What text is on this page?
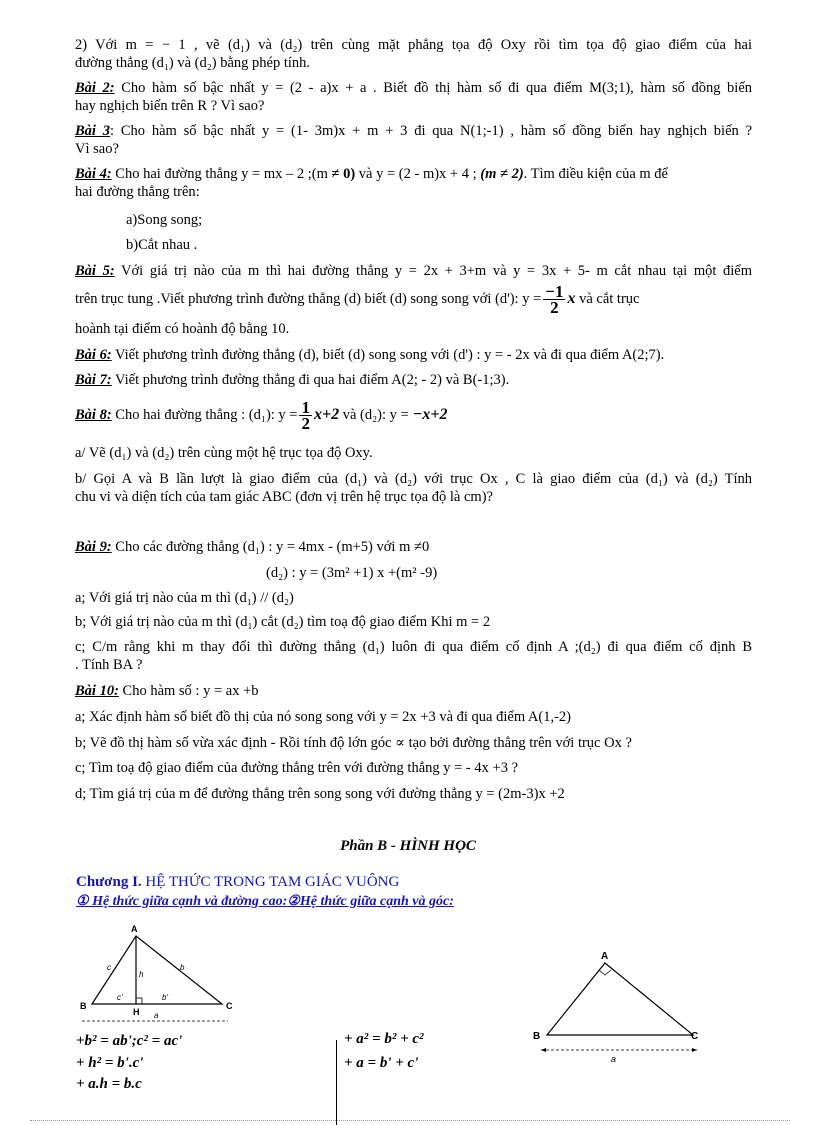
2) Với m = − 1 , vẽ (d₁) và (d₂) trên cùng mặt phẳng tọa độ Oxy rồi tìm tọa độ giao điểm của hai
đường thẳng (d₁) và (d₂) bằng phép tính.
Bài 2: Cho hàm số bậc nhất y = (2 - a)x + a . Biết đồ thị hàm số đi qua điểm M(3;1), hàm số đồng biến
hay nghịch biến trên R ? Vì sao?
Bài 3: Cho hàm số bậc nhất y = (1- 3m)x + m + 3 đi qua N(1;-1) , hàm số đồng biến hay nghịch biến ?
Vì sao?
Bài 4: Cho hai đường thẳng y = mx – 2 ;(m ≠ 0) và y = (2 - m)x + 4 ; (m ≠ 2). Tìm điều kiện của m để
hai đường thẳng trên:
a)Song song;
b)Cắt nhau .
Bài 5: Với giá trị nào của m thì hai đường thẳng y = 2x + 3+m và y = 3x + 5- m cắt nhau tại một điểm
trên trục tung .Viết phương trình đường thẳng (d) biết (d) song song với (d'): $y = \frac{-1}{2}$ x và cắt trục
hoành tại điểm có hoành độ bằng 10.
Bài 6: Viết phương trình đường thẳng (d), biết (d) song song với (d') : y = - 2x và đi qua điểm A(2;7).
Bài 7: Viết phương trình đường thẳng đi qua hai điểm A(2; - 2) và B(-1;3).
Bài 8: Cho hai đường thẳng : (d₁): $y = \frac{1}{2} x+2$ và (d₂): y = −x+2
a/ Vẽ (d₁) và (d₂) trên cùng một hệ trục tọa độ Oxy.
b/ Gọi A và B lần lượt là giao điểm của (d₁) và (d₂) với trục Ox , C là giao điểm của (d₁) và (d₂) Tính
chu vi và diện tích của tam giác ABC (đơn vị trên hệ trục tọa độ là cm)?
Bài 9: Cho các đường thẳng (d₁) : y = 4mx - (m+5) với m ≠0
(d₂) : y = (3m² +1) x +(m² -9)
a; Với giá trị nào của m thì (d₁) // (d₂)
b; Với giá trị nào của m thì (d₁) cắt (d₂) tìm toạ độ giao điểm Khi m = 2
c; C/m rằng khi m thay đổi thì đường thẳng (d₁) luôn đi qua điểm cố định A ;(d₂) đi qua điểm cố định B
. Tính BA ?
Bài 10: Cho hàm số : y = ax +b
a; Xác định hàm số biết đồ thị của nó song song với y = 2x +3 và đi qua điểm A(1,-2)
b; Vẽ đồ thị hàm số vừa xác định - Rồi tính độ lớn góc ∝ tạo bởi đường thẳng trên với trục Ox ?
c; Tìm toạ độ giao điểm của đường thẳng trên với đường thẳng y = - 4x +3 ?
d; Tìm giá trị của m để đường thẳng trên song song với đường thẳng y = (2m-3)x +2
Phần B - HÌNH HỌC
Chương I. HỆ THỨC TRONG TAM GIÁC VUÔNG
① Hệ thức giữa cạnh và đường cao:②Hệ thức giữa cạnh và góc:
A
B	C
H
c	b
h
c'	b'
a
A
B	C
a
+b² = ab';c² = ac'
+ h² = b'.c'
+ a.h = b.c
+ a² = b² + c²
+ a = b' + c'
